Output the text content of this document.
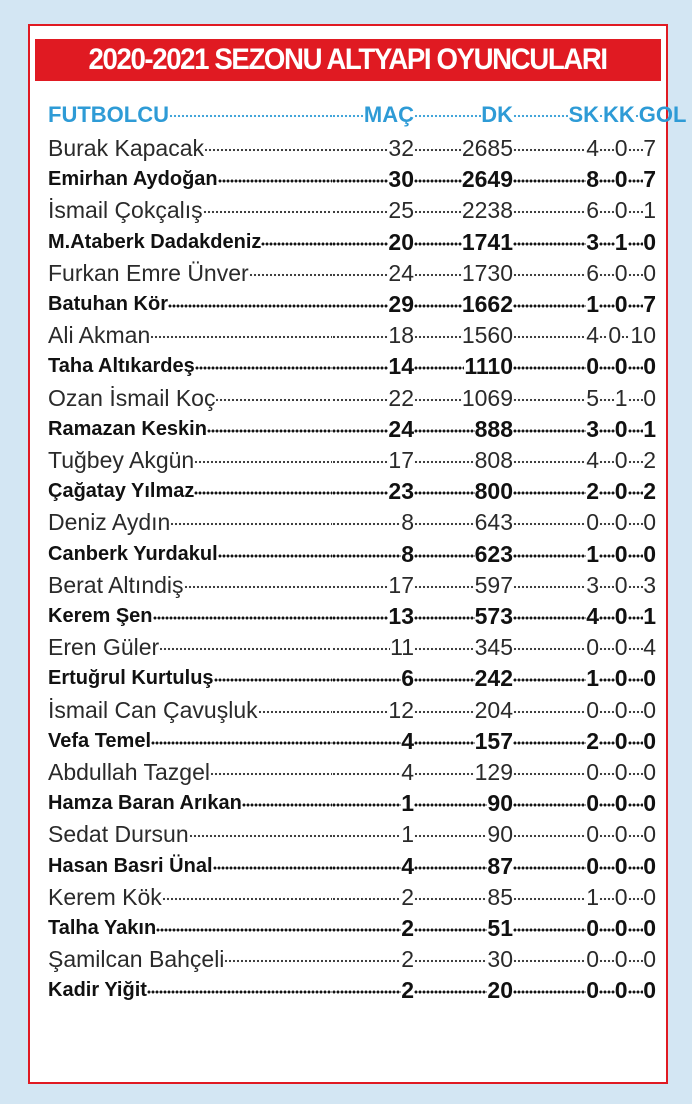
2020-2021 SEZONU ALTYAPI OYUNCULARI
FUTBOLCU	MAÇ	DK	SK KK GOL
Burak Kapacak	32 2685	4 0 7
Emirhan Aydoğan	30 2649	8 0 7
İsmail Çokçalış	25 2238	6 0 1
M.Ataberk Dadakdeniz	20 1741	3 1 0
Furkan Emre Ünver	24 1730	6 0 0
Batuhan Kör	29 1662	1 0 7
Ali Akman	18 1560	4 0 10
Taha Altıkardeş	14 1110	0 0 0
Ozan İsmail Koç	22 1069	5 1 0
Ramazan Keskin	24	888	3 0 1
Tuğbey Akgün	17	808	4 0 2
Çağatay Yılmaz	23	800	2 0 2
Deniz Aydın	8	643	0 0 0
Canberk Yurdakul	8	623	1 0 0
Berat Altındiş	17	597	3 0 3
Kerem Şen	13	573	4 0 1
Eren Güler	11	345	0 0 4
Ertuğrul Kurtuluş	6	242	1 0 0
İsmail Can Çavuşluk	12	204	0 0 0
Vefa Temel	4	157	2 0 0
Abdullah Tazgel	4	129	0 0 0
Hamza Baran Arıkan	1	90	0 0 0
Sedat Dursun	1	90	0 0 0
Hasan Basri Ünal	4	87	0 0 0
Kerem Kök	2	85	1 0 0
Talha Yakın	2	51	0 0 0
Şamilcan Bahçeli	2	30	0 0 0
Kadir Yiğit	2	20	0 0 0
